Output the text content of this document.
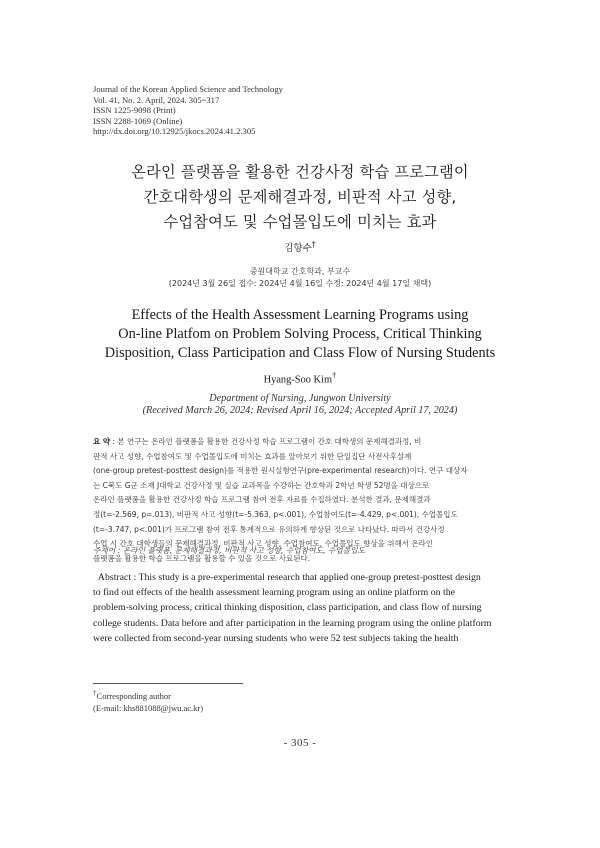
Journal of the Korean Applied Science and Technology
Vol. 41, No. 2. April, 2024. 305~317
ISSN 1225-9098 (Print)
ISSN 2288-1069 (Online)
http://dx.doi.org/10.12925/jkocs.2024.41.2.305
온라인 플랫폼을 활용한 건강사정 학습 프로그램이
간호대학생의 문제해결과정, 비판적 사고 성향,
수업참여도 및 수업몰입도에 미치는 효과
김향수†
중원대학교 간호학과, 부교수
(2024년 3월 26일 접수: 2024년 4월 16일 수정: 2024년 4월 17일 채택)
Effects of the Health Assessment Learning Programs using
On-line Platfom on Problem Solving Process, Critical Thinking
Disposition, Class Participation and Class Flow of Nursing Students
Hyang-Soo Kim†
Department of Nursing, Jungwon University
(Received March 26, 2024; Revised April 16, 2024; Accepted April 17, 2024)
요 약 : 본 연구는 온라인 플랫폼을 활용한 건강사정 학습 프로그램이 간호 대학생의 문제해결과정, 비
판적 사고 성향, 수업참여도 및 수업몰입도에 미치는 효과를 알아보기 위한 단일집단 사전사후설계
(one-group pretest-posttest design)를 적용한 원시실험연구(pre-experimental research)이다. 연구 대상자
는 C북도 G군 소재 J대학교 건강사정 및 실습 교과목을 수강하는 간호학과 2학년 학생 52명을 대상으로
온라인 플랫폼을 활용한 건강사정 학습 프로그램 참여 전후 자료를 수집하였다. 분석한 결과, 문제해결과
정(t=-2.569, p=.013), 비판적 사고 성향(t=-5.363, p<.001), 수업참여도(t=-4.429, p<.001), 수업몰입도
(t=-3.747, p<.001)가 프로그램 참여 전후 통계적으로 유의하게 향상된 것으로 나타났다. 따라서 건강사정
수업 시 간호 대학생들의 문제해결과정, 비판적 사고 성향, 수업참여도, 수업몰입도 향상을 위해서 온라인
플랫폼을 활용한 학습 프로그램을 활용할 수 있을 것으로 사료된다.
주제어 : 온라인 플랫폼, 문제해결과정, 비판적 사고 성향, 수업참여도, 수업몰입도
Abstract : This study is a pre-experimental research that applied one-group pretest-posttest design
to find out effects of the health assessment learning program using an online platform on the
problem-solving process, critical thinking disposition, class participation, and class flow of nursing
college students. Data before and after participation in the learning program using the online platform
were collected from second-year nursing students who were 52 test subjects taking the health
†Corresponding author
(E-mail: khs881088@jwu.ac.kr)
- 305 -
